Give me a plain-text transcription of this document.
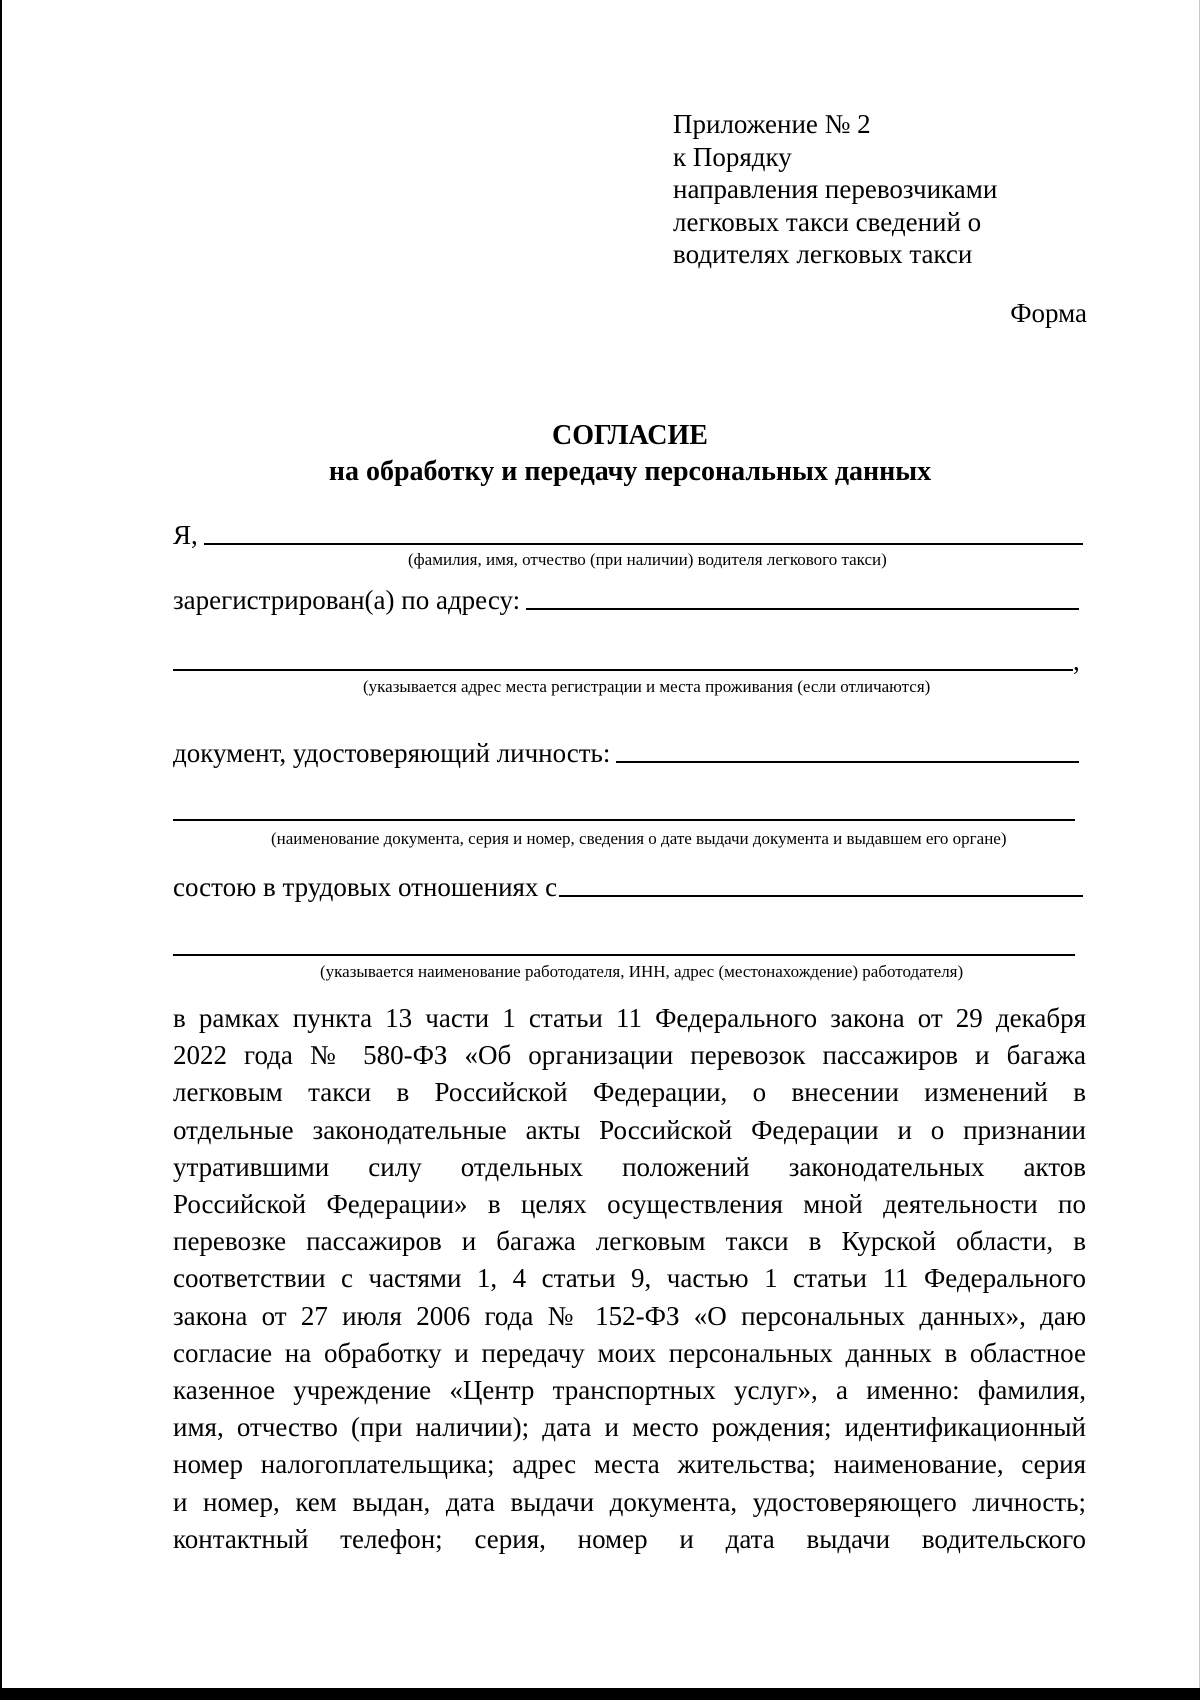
Приложение № 2
к Порядку
направления перевозчиками
легковых такси сведений о
водителях легковых такси
Форма
СОГЛАСИЕ
на обработку и передачу персональных данных
Я,
(фамилия, имя, отчество (при наличии) водителя легкового такси)
зарегистрирован(а) по адресу:
,
(указывается адрес места регистрации и места проживания (если отличаются)
документ, удостоверяющий личность:
(наименование документа, серия и номер, сведения о дате выдачи документа и выдавшем его органе)
состою в трудовых отношениях с
(указывается наименование работодателя, ИНН, адрес (местонахождение) работодателя)

в рамках пункта 13 части 1 статьи 11 Федерального закона от 29 декабря

2022 года № 580-ФЗ «Об организации перевозок пассажиров и багажа

легковым такси в Российской Федерации, о внесении изменений в

отдельные законодательные акты Российской Федерации и о признании

утратившими силу отдельных положений законодательных актов

Российской Федерации» в целях осуществления мной деятельности по

перевозке пассажиров и багажа легковым такси в Курской области, в

соответствии с частями 1, 4 статьи 9, частью 1 статьи 11 Федерального

закона от 27 июля 2006 года № 152-ФЗ «О персональных данных», даю

согласие на обработку и передачу моих персональных данных в областное

казенное учреждение «Центр транспортных услуг», а именно: фамилия,

имя, отчество (при наличии); дата и место рождения; идентификационный

номер налогоплательщика; адрес места жительства; наименование, серия

и номер, кем выдан, дата выдачи документа, удостоверяющего личность;

контактный телефон; серия, номер и дата выдачи водительского
